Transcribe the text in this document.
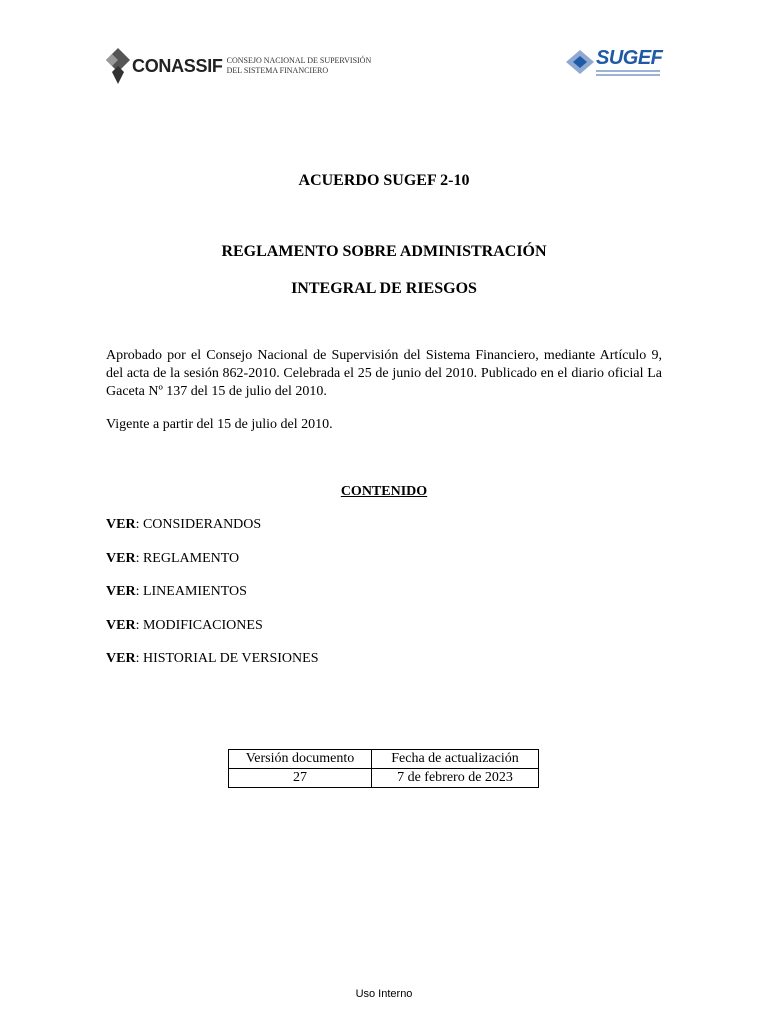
CONASSIF CONSEJO NACIONAL DE SUPERVISIÓN
DEL SISTEMA FINANCIERO
SUGEF
ACUERDO SUGEF 2-10
REGLAMENTO SOBRE ADMINISTRACIÓN
INTEGRAL DE RIESGOS
Aprobado por el Consejo Nacional de Supervisión del Sistema Financiero, mediante Artículo 9, del acta de la sesión 862-2010. Celebrada el 25 de junio del 2010. Publicado en el diario oficial La Gaceta Nº 137 del 15 de julio del 2010.
Vigente a partir del 15 de julio del 2010.
CONTENIDO
VER: CONSIDERANDOS
VER: REGLAMENTO
VER: LINEAMIENTOS
VER: MODIFICACIONES
VER: HISTORIAL DE VERSIONES
Versión documento	Fecha de actualización
27	7 de febrero de 2023
Uso Interno
